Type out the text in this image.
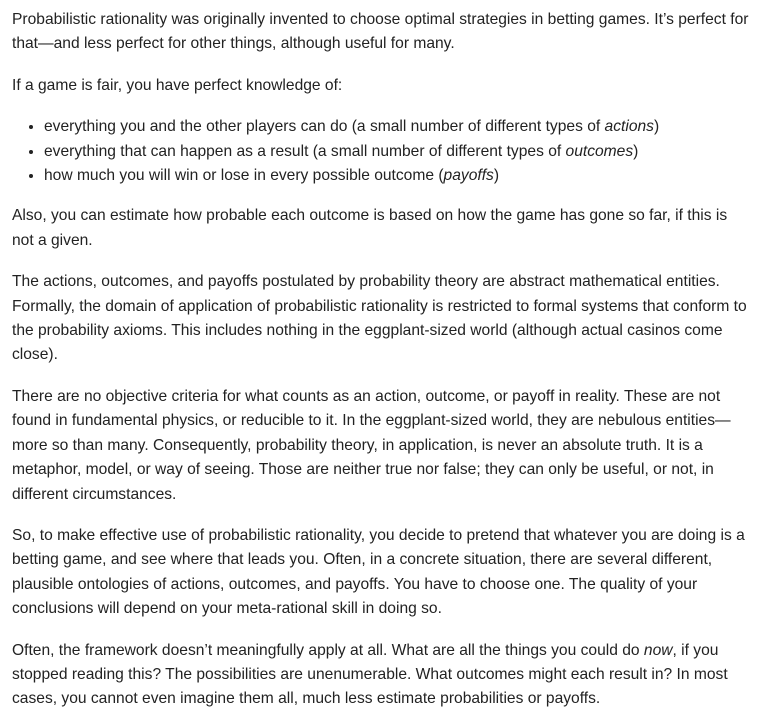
Probabilistic rationality was originally invented to choose optimal strategies in betting games. It’s perfect for that—and less perfect for other things, although useful for many.

If a game is fair, you have perfect knowledge of:

• everything you and the other players can do (a small number of different types of actions)
• everything that can happen as a result (a small number of different types of outcomes)
• how much you will win or lose in every possible outcome (payoffs)

Also, you can estimate how probable each outcome is based on how the game has gone so far, if this is not a given.

The actions, outcomes, and payoffs postulated by probability theory are abstract mathematical entities. Formally, the domain of application of probabilistic rationality is restricted to formal systems that conform to the probability axioms. This includes nothing in the eggplant-sized world (although actual casinos come close).

There are no objective criteria for what counts as an action, outcome, or payoff in reality. These are not found in fundamental physics, or reducible to it. In the eggplant-sized world, they are nebulous entities—more so than many. Consequently, probability theory, in application, is never an absolute truth. It is a metaphor, model, or way of seeing. Those are neither true nor false; they can only be useful, or not, in different circumstances.

So, to make effective use of probabilistic rationality, you decide to pretend that whatever you are doing is a betting game, and see where that leads you. Often, in a concrete situation, there are several different, plausible ontologies of actions, outcomes, and payoffs. You have to choose one. The quality of your conclusions will depend on your meta-rational skill in doing so.

Often, the framework doesn’t meaningfully apply at all. What are all the things you could do now, if you stopped reading this? The possibilities are unenumerable. What outcomes might each result in? In most cases, you cannot even imagine them all, much less estimate probabilities or payoffs.
